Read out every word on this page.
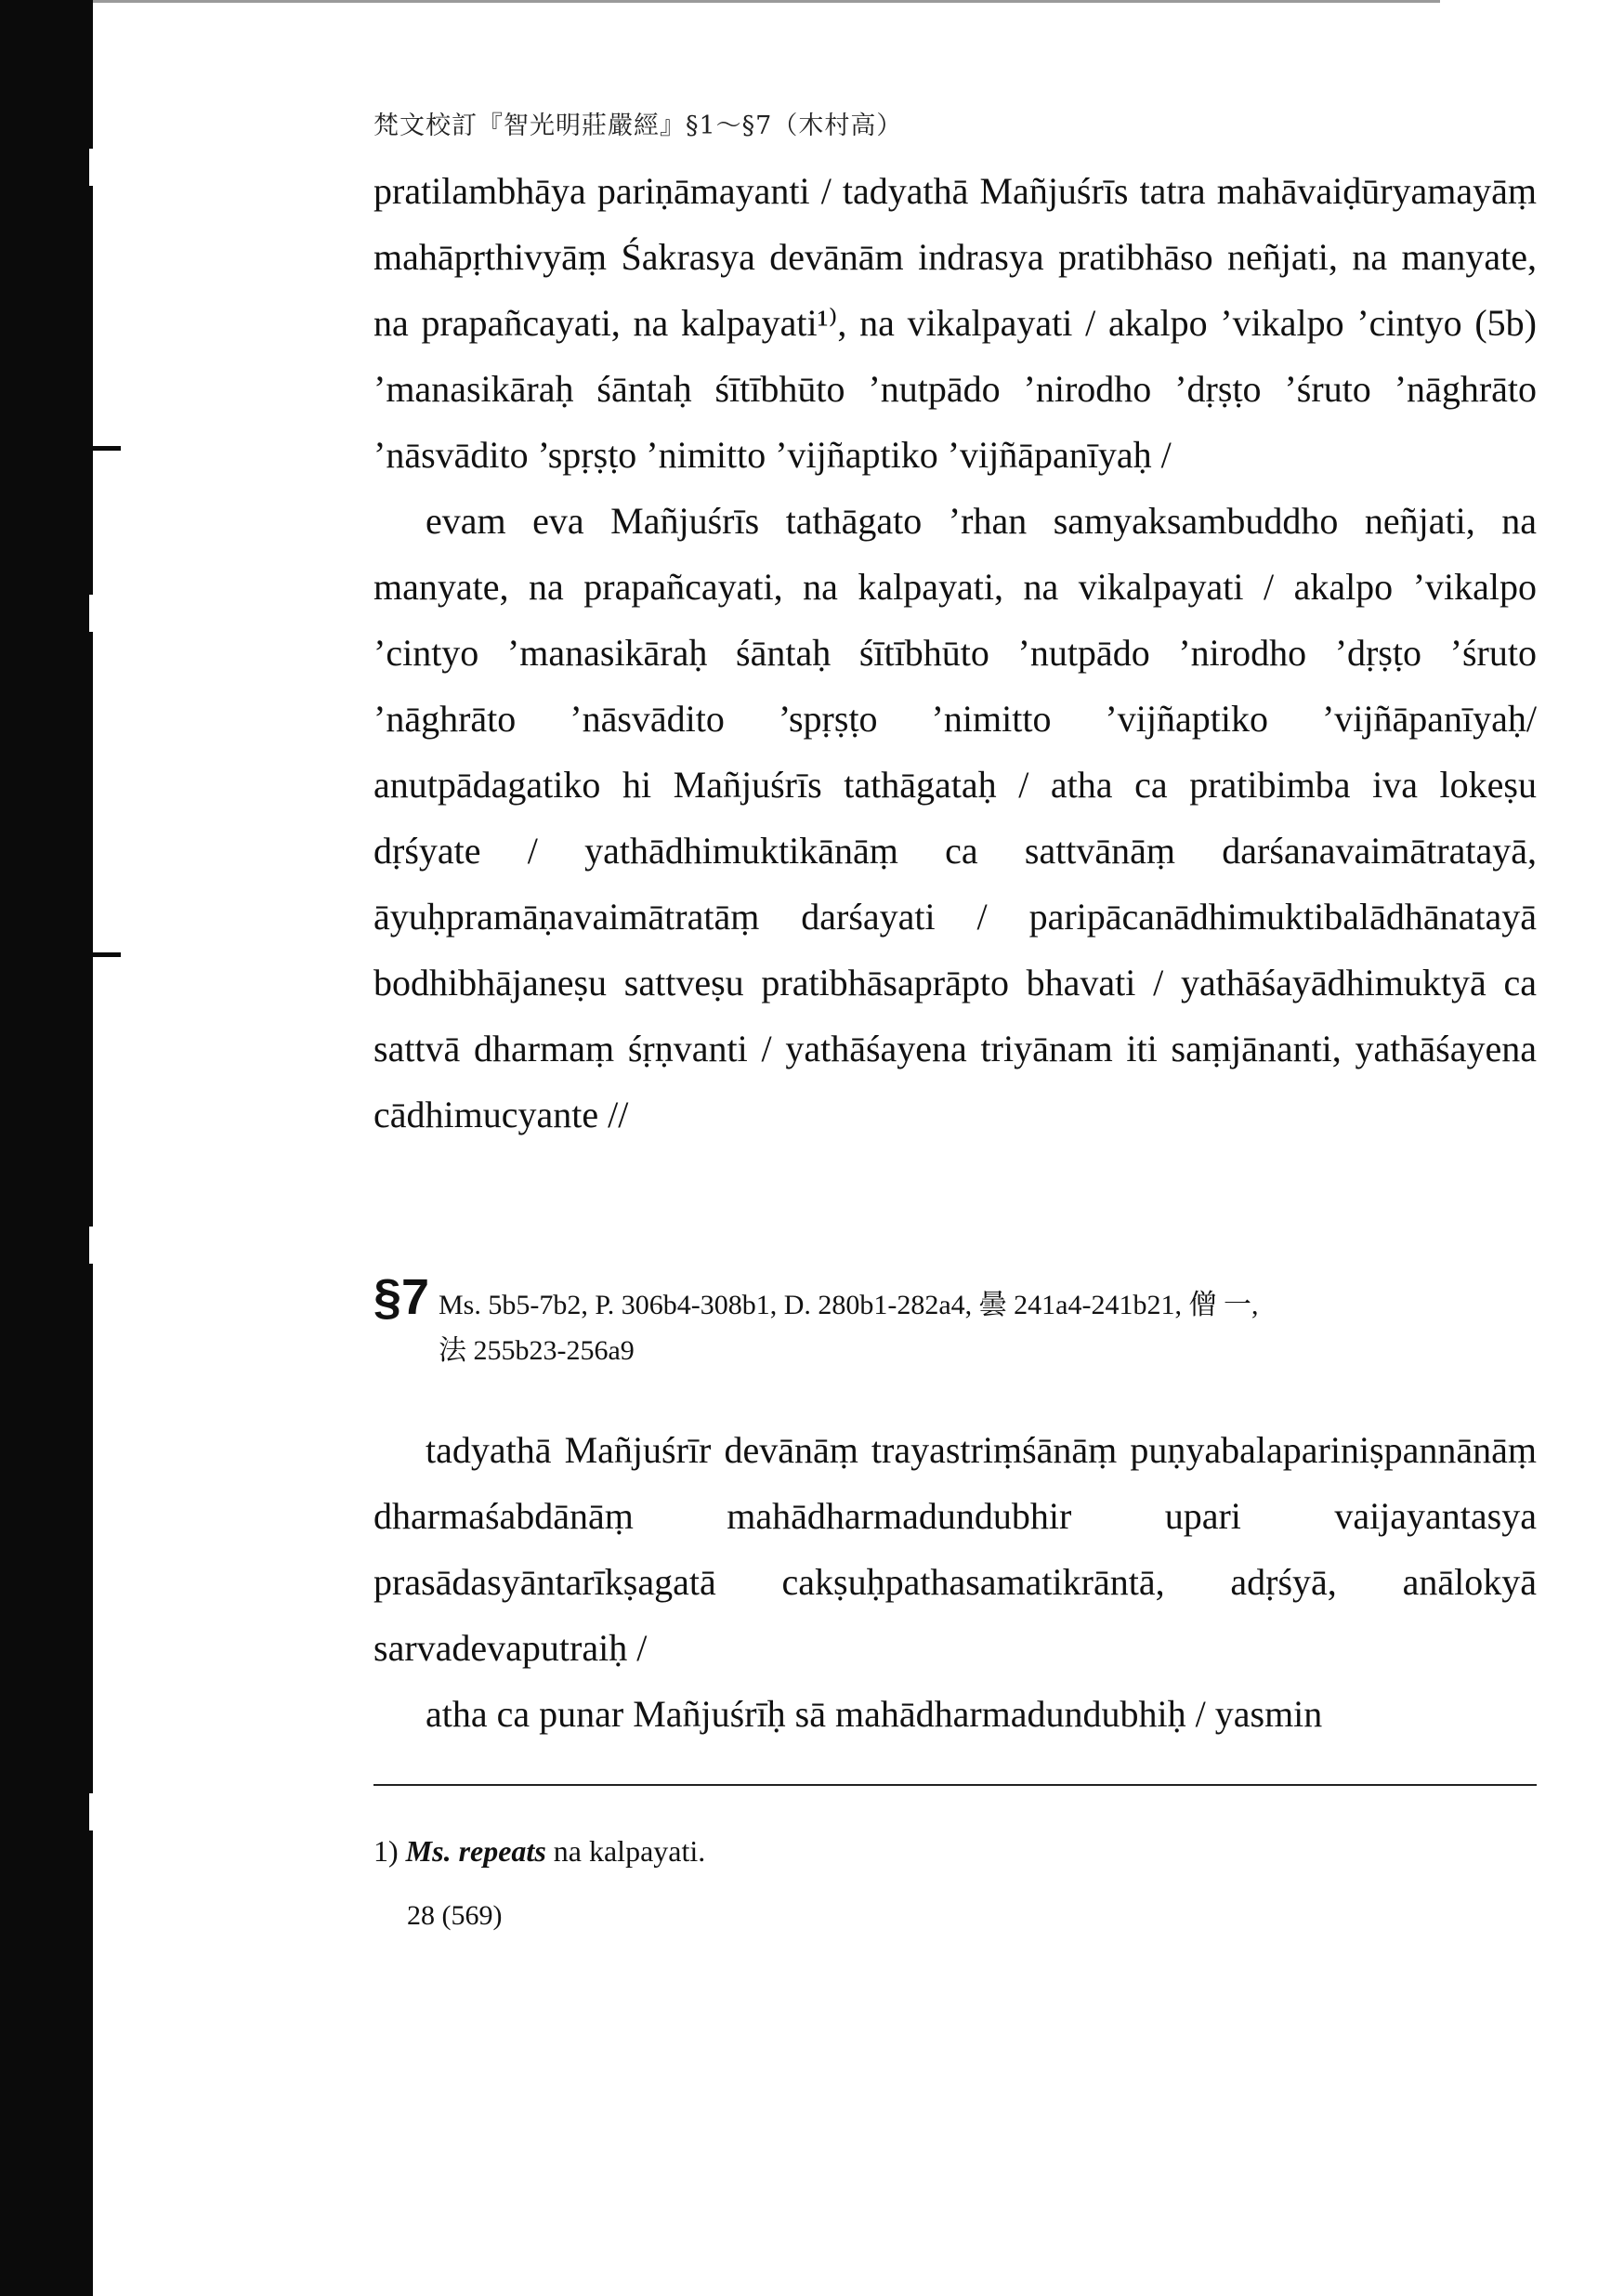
梵文校訂『智光明莊嚴經』§1～§7（木村高）

pratilambhāya pariṇāmayanti / tadyathā Mañjuśrīs tatra mahāvaiḍūryamayāṃ mahāpṛthivyāṃ Śakrasya devānām indrasya pratibhāso neñjati, na manyate, na prapañcayati, na kalpayati¹⁾, na vikalpayati / akalpo ’vikalpo ’cintyo (5b) ’manasikāraḥ śāntaḥ śītībhūto ’nutpādo ’nirodho ’dṛṣṭo ’śruto ’nāghrāto ’nāsvādito ’spṛṣṭo ’nimitto ’vijñaptiko ’vijñāpanīyaḥ /

evam eva Mañjuśrīs tathāgato ’rhan samyaksambuddho neñjati, na manyate, na prapañcayati, na kalpayati, na vikalpayati / akalpo ’vikalpo ’cintyo ’manasikāraḥ śāntaḥ śītībhūto ’nutpādo ’nirodho ’dṛṣṭo ’śruto ’nāghrāto ’nāsvādito ’spṛṣṭo ’nimitto ’vijñaptiko ’vijñāpanīyaḥ/ anutpādagatiko hi Mañjuśrīs tathāgataḥ / atha ca pratibimba iva lokeṣu dṛśyate / yathādhimuktikānāṃ ca sattvānāṃ darśanavaimātratayā, āyuḥpramāṇavaimātratāṃ darśayati / paripācanādhimuktibalādhānatayā bodhibhājaneṣu sattveṣu pratibhāsaprāpto bhavati / yathāśayādhimuktyā ca sattvā dharmaṃ śṛṇvanti / yathāśayena triyānam iti saṃjānanti, yathāśayena cādhimucyante //

§7 Ms. 5b5-7b2, P. 306b4-308b1, D. 280b1-282a4, 曇 241a4-241b21, 僧 一,
法 255b23-256a9

tadyathā Mañjuśrīr devānāṃ trayastriṃśānāṃ puṇyabalapariniṣpannānāṃ dharmaśabdānāṃ mahādharmadundubhir upari vaijayantasya prasādasyāntarīkṣagatā cakṣuḥpathasamatikrāntā, adṛśyā, anālokyā sarvadevaputraiḥ /

atha ca punar Mañjuśrīḥ sā mahādharmadundubhiḥ / yasmin

1) Ms. repeats na kalpayati.
28 (569)
